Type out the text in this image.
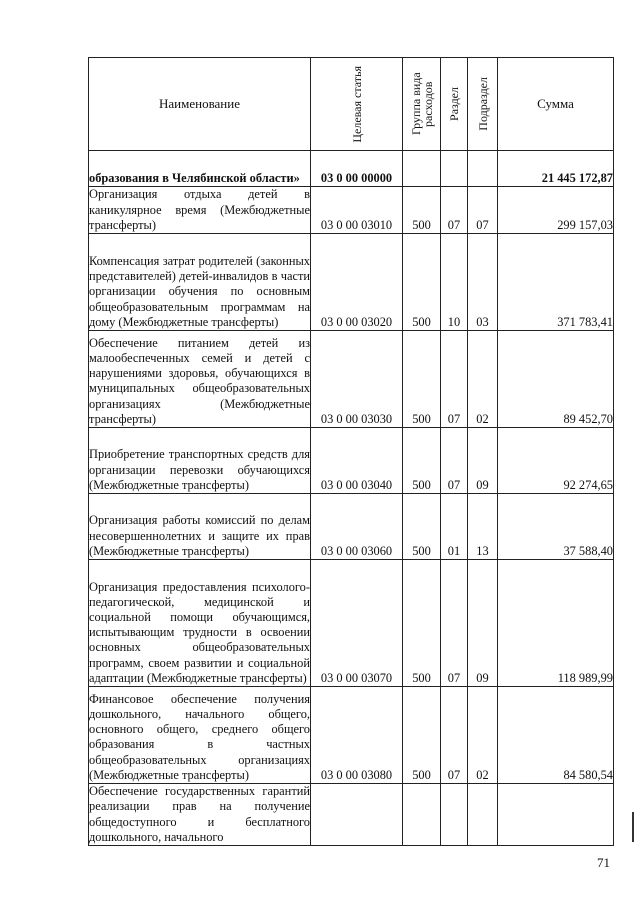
Наименование	Целевая статья	Группа вида расходов	Раздел	Подраздел	Сумма
образования в Челябинской области»	03 0 00 00000				21 445 172,87
Организация отдыха детей в каникулярное время (Межбюджетные трансферты)	03 0 00 03010	500	07	07	299 157,03
Компенсация затрат родителей (законных представителей) детей-инвалидов в части организации обучения по основным общеобразовательным программам на дому (Межбюджетные трансферты)	03 0 00 03020	500	10	03	371 783,41
Обеспечение питанием детей из малообеспеченных семей и детей с нарушениями здоровья, обучающихся в муниципальных общеобразовательных организациях (Межбюджетные трансферты)	03 0 00 03030	500	07	02	89 452,70
Приобретение транспортных средств для организации перевозки обучающихся (Межбюджетные трансферты)	03 0 00 03040	500	07	09	92 274,65
Организация работы комиссий по делам несовершеннолетних и защите их прав (Межбюджетные трансферты)	03 0 00 03060	500	01	13	37 588,40
Организация предоставления психолого-педагогической, медицинской и социальной помощи обучающимся, испытывающим трудности в освоении основных общеобразовательных программ, своем развитии и социальной адаптации (Межбюджетные трансферты)	03 0 00 03070	500	07	09	118 989,99
Финансовое обеспечение получения дошкольного, начального общего, основного общего, среднего общего образования в частных общеобразовательных организациях (Межбюджетные трансферты)	03 0 00 03080	500	07	02	84 580,54
Обеспечение государственных гарантий реализации прав на получение общедоступного и бесплатного дошкольного, начального					
71
